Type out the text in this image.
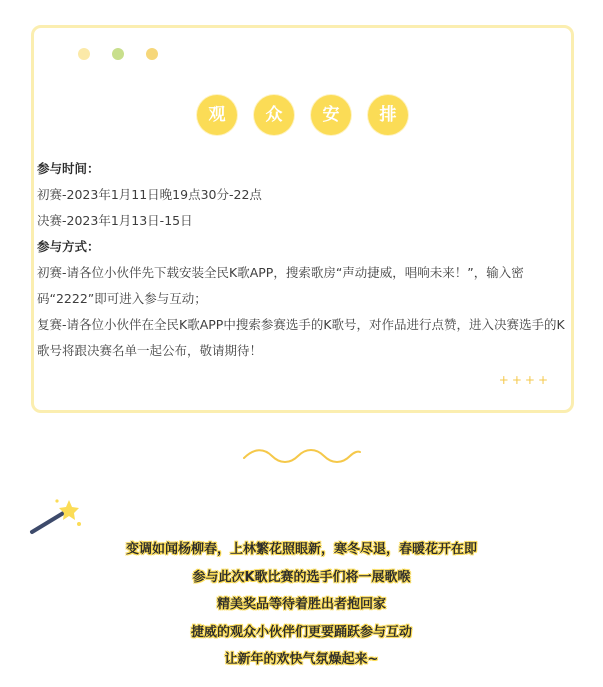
观	众	安	排

参与时间：

初赛-2023年1月11日晚19点30分-22点

决赛-2023年1月13日-15日

参与方式：

初赛-请各位小伙伴先下载安装全民K歌APP，搜索歌房“声动捷威，唱响未来！”，输入密码“2222”即可进入参与互动；

复赛-请各位小伙伴在全民K歌APP中搜索参赛选手的K歌号，对作品进行点赞，进入决赛选手的K歌号将跟决赛名单一起公布，敬请期待！

++++
变调如闻杨柳春，上林繁花照眼新，寒冬尽退，春暖花开在即
参与此次K歌比赛的选手们将一展歌喉
精美奖品等待着胜出者抱回家
捷威的观众小伙伴们更要踊跃参与互动
让新年的欢快气氛燥起来~
